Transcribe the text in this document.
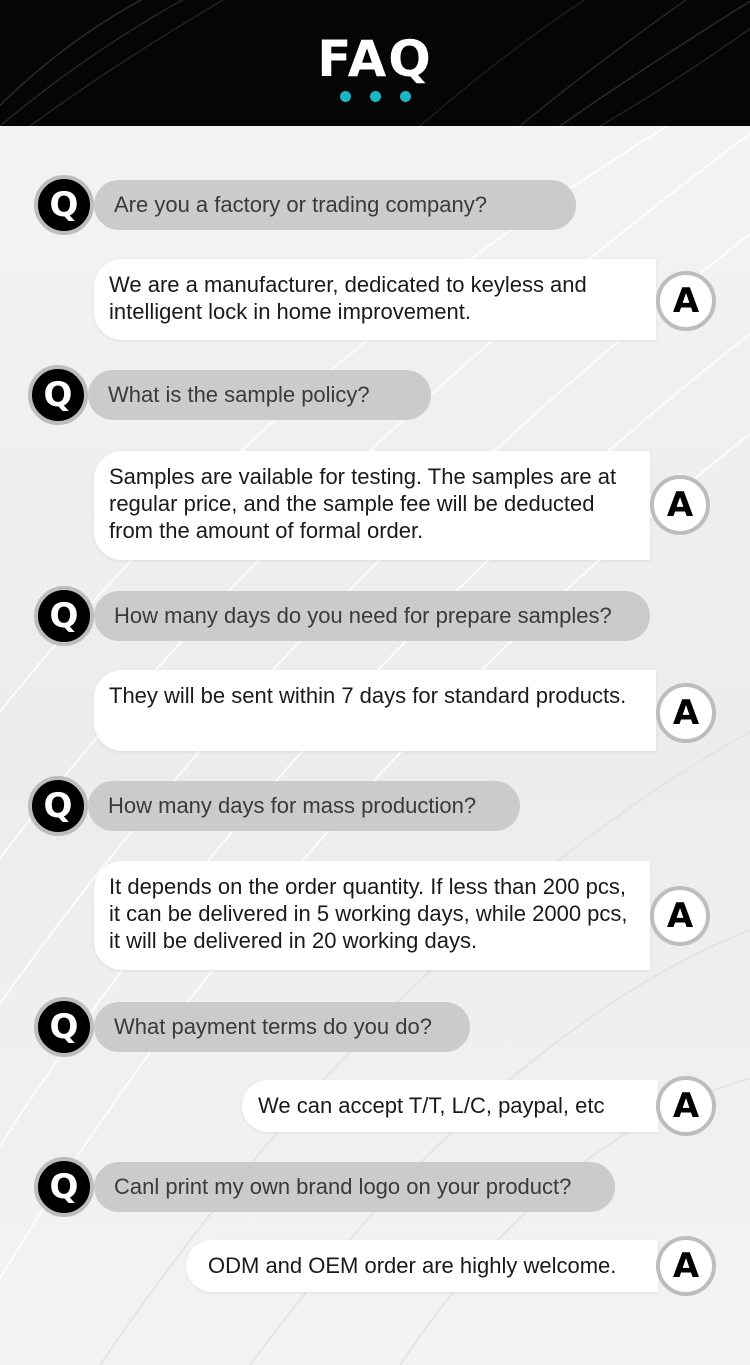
FAQ
Are you a factory or trading company?
Q

We are a manufacturer, dedicated to keyless and intelligent lock in home improvement.	A
What is the sample policy?
Q

Samples are vailable for testing. The samples are at regular price, and the sample fee will be deducted from the amount of formal order.

A
How many days do you need for prepare samples?
Q

They will be sent within 7 days for standard products.	A
How many days for mass production?
Q

It depends on the order quantity. If less than 200 pcs, it can be delivered in 5 working days, while 2000 pcs, it will be delivered in 20 working days.

A
What payment terms do you do?
Q

We can accept T/T, L/C, paypal, etc	A
Canl print my own brand logo on your product?
Q

ODM and OEM order are highly welcome.	A
